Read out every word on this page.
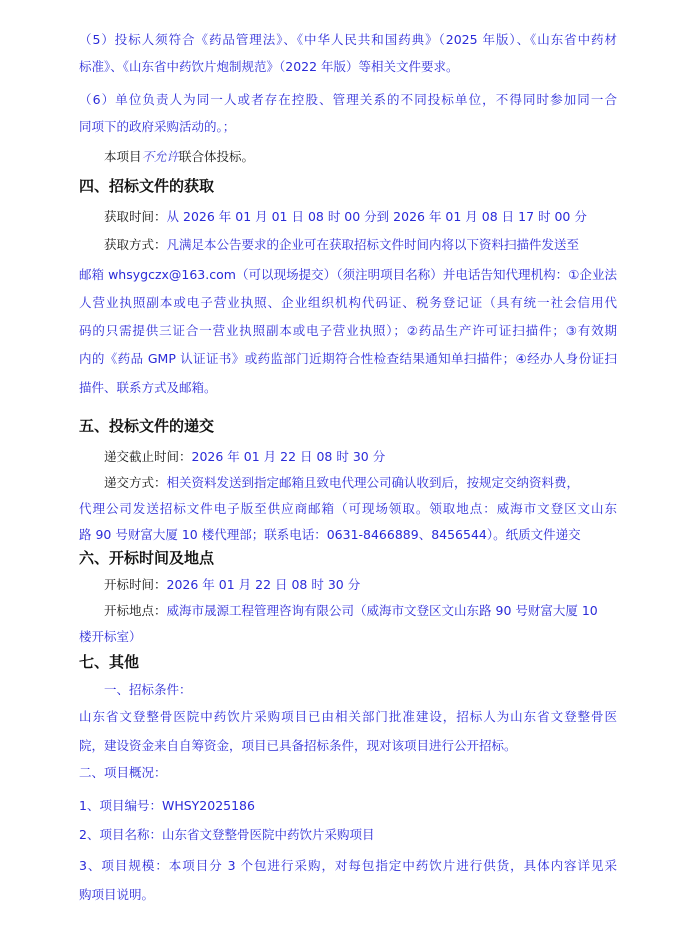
（5）投标人须符合《药品管理法》、《中华人民共和国药典》（2025 年版）、《山东省中药材
标准》、《山东省中药饮片炮制规范》（2022 年版）等相关文件要求。
（6）单位负责人为同一人或者存在控股、管理关系的不同投标单位，不得同时参加同一合
同项下的政府采购活动的。；
本项目不允许联合体投标。
四、招标文件的获取
获取时间：从 2026 年 01 月 01 日 08 时 00 分到 2026 年 01 月 08 日 17 时 00 分
获取方式：凡满足本公告要求的企业可在获取招标文件时间内将以下资料扫描件发送至
邮箱 whsygczx@163.com（可以现场提交）（须注明项目名称）并电话告知代理机构：①企业法
人营业执照副本或电子营业执照、企业组织机构代码证、税务登记证（具有统一社会信用代
码的只需提供三证合一营业执照副本或电子营业执照）；②药品生产许可证扫描件；③有效期
内的《药品 GMP 认证证书》或药监部门近期符合性检查结果通知单扫描件；④经办人身份证扫
描件、联系方式及邮箱。
五、投标文件的递交
递交截止时间：2026 年 01 月 22 日 08 时 30 分
递交方式：相关资料发送到指定邮箱且致电代理公司确认收到后，按规定交纳资料费，
代理公司发送招标文件电子版至供应商邮箱（可现场领取。领取地点：威海市文登区文山东
路 90 号财富大厦 10 楼代理部；联系电话：0631-8466889、8456544）。纸质文件递交
六、开标时间及地点
开标时间：2026 年 01 月 22 日 08 时 30 分
开标地点：威海市晟源工程管理咨询有限公司（威海市文登区文山东路 90 号财富大厦 10
楼开标室）
七、其他
一、招标条件：
山东省文登整骨医院中药饮片采购项目已由相关部门批准建设，招标人为山东省文登整骨医
院，建设资金来自自筹资金，项目已具备招标条件，现对该项目进行公开招标。
二、项目概况：
1、项目编号：WHSY2025186
2、项目名称：山东省文登整骨医院中药饮片采购项目
3、项目规模：本项目分 3 个包进行采购，对每包指定中药饮片进行供货，具体内容详见采
购项目说明。
